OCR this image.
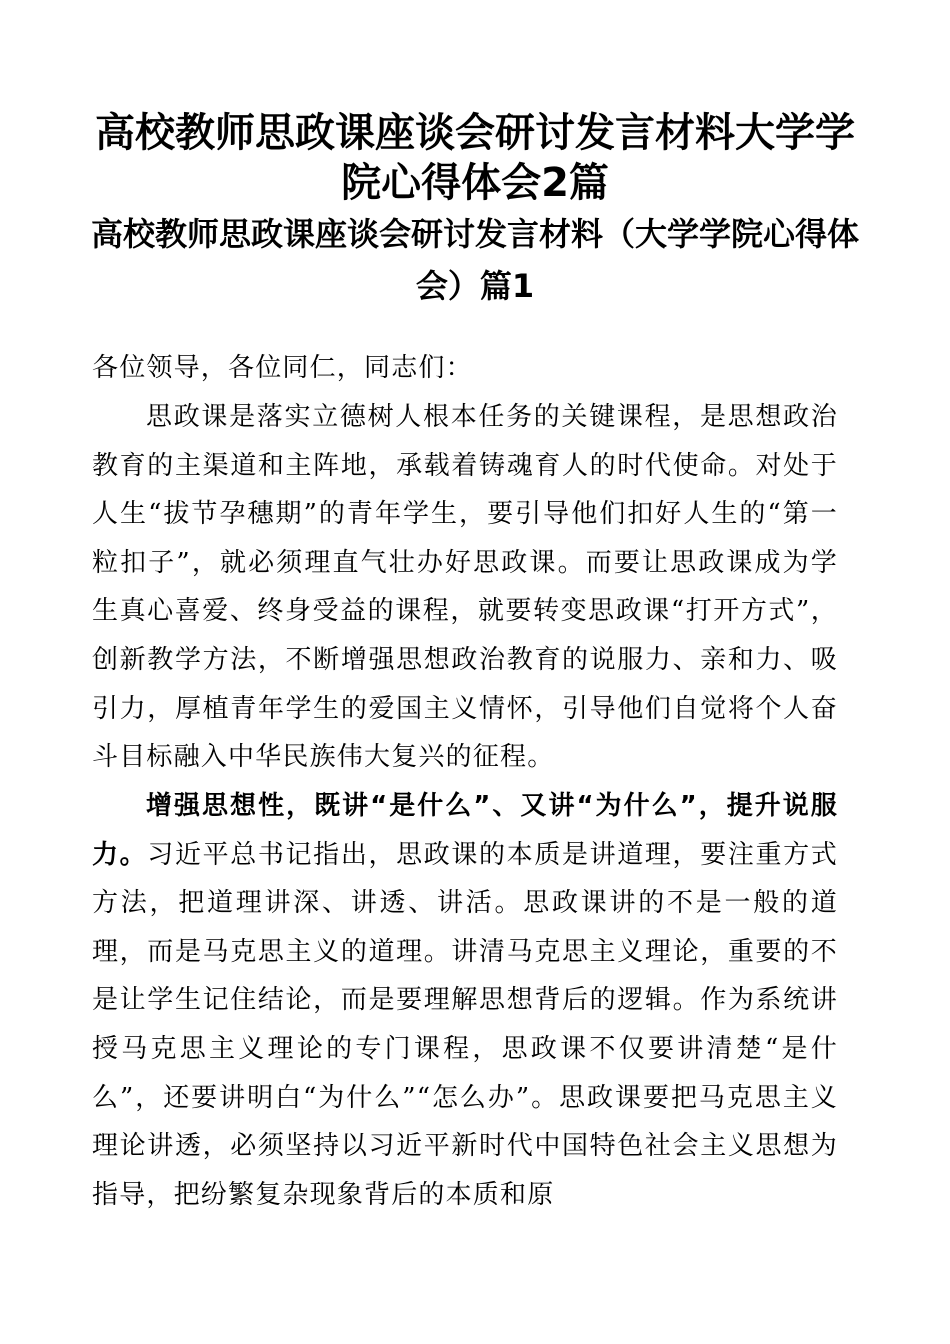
高校教师思政课座谈会研讨发言材料大学学院心得体会2篇
高校教师思政课座谈会研讨发言材料（大学学院心得体会）篇1

各位领导，各位同仁，同志们：

思政课是落实立德树人根本任务的关键课程，是思想政治教育的主渠道和主阵地，承载着铸魂育人的时代使命。对处于人生“拔节孕穗期”的青年学生，要引导他们扣好人生的“第一粒扣子”，就必须理直气壮办好思政课。而要让思政课成为学生真心喜爱、终身受益的课程，就要转变思政课“打开方式”，创新教学方法，不断增强思想政治教育的说服力、亲和力、吸引力，厚植青年学生的爱国主义情怀，引导他们自觉将个人奋斗目标融入中华民族伟大复兴的征程。

增强思想性，既讲“是什么”、又讲“为什么”，提升说服力。习近平总书记指出，思政课的本质是讲道理，要注重方式方法，把道理讲深、讲透、讲活。思政课讲的不是一般的道理，而是马克思主义的道理。讲清马克思主义理论，重要的不是让学生记住结论，而是要理解思想背后的逻辑。作为系统讲授马克思主义理论的专门课程，思政课不仅要讲清楚“是什么”，还要讲明白“为什么”“怎么办”。思政课要把马克思主义理论讲透，必须坚持以习近平新时代中国特色社会主义思想为指导，把纷繁复杂现象背后的本质和原
